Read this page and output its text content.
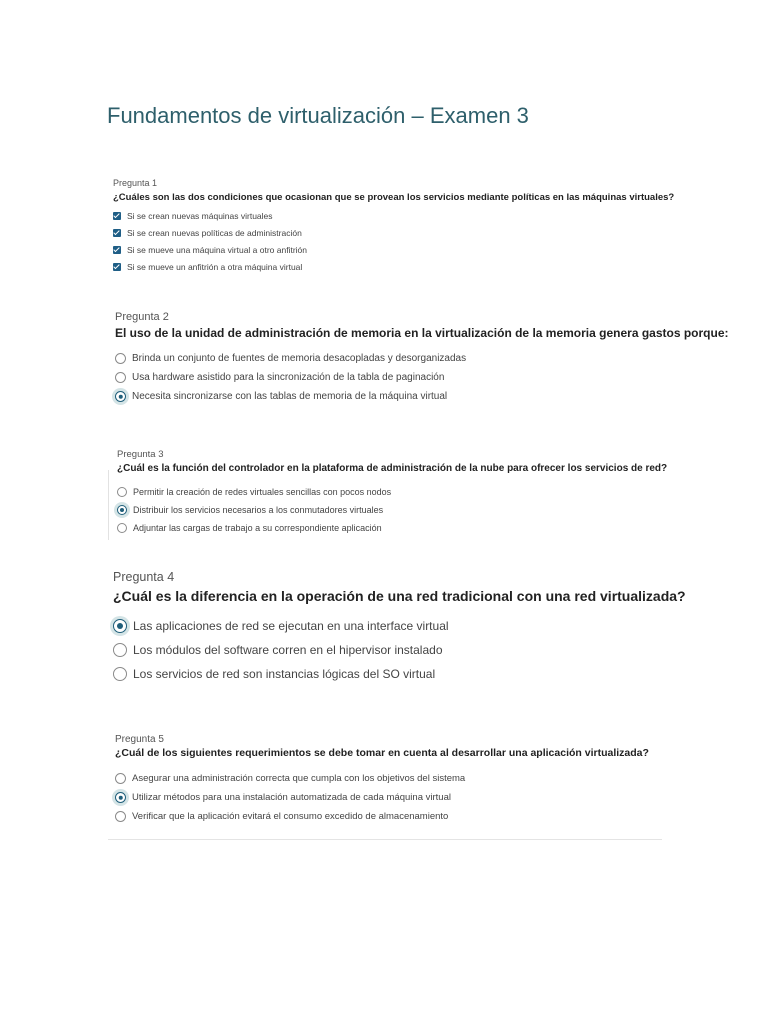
Fundamentos de virtualización – Examen 3
Pregunta 1
¿Cuáles son las dos condiciones que ocasionan que se provean los servicios mediante políticas en las máquinas virtuales?
Si se crean nuevas máquinas virtuales
Si se crean nuevas políticas de administración
Si se mueve una máquina virtual a otro anfitrión
Si se mueve un anfitrión a otra máquina virtual
Pregunta 2
El uso de la unidad de administración de memoria en la virtualización de la memoria genera gastos porque:
Brinda un conjunto de fuentes de memoria desacopladas y desorganizadas
Usa hardware asistido para la sincronización de la tabla de paginación
Necesita sincronizarse con las tablas de memoria de la máquina virtual
Pregunta 3
¿Cuál es la función del controlador en la plataforma de administración de la nube para ofrecer los servicios de red?
Permitir la creación de redes virtuales sencillas con pocos nodos
Distribuir los servicios necesarios a los conmutadores virtuales
Adjuntar las cargas de trabajo a su correspondiente aplicación
Pregunta 4
¿Cuál es la diferencia en la operación de una red tradicional con una red virtualizada?
Las aplicaciones de red se ejecutan en una interface virtual
Los módulos del software corren en el hipervisor instalado
Los servicios de red son instancias lógicas del SO virtual
Pregunta 5
¿Cuál de los siguientes requerimientos se debe tomar en cuenta al desarrollar una aplicación virtualizada?
Asegurar una administración correcta que cumpla con los objetivos del sistema
Utilizar métodos para una instalación automatizada de cada máquina virtual
Verificar que la aplicación evitará el consumo excedido de almacenamiento
